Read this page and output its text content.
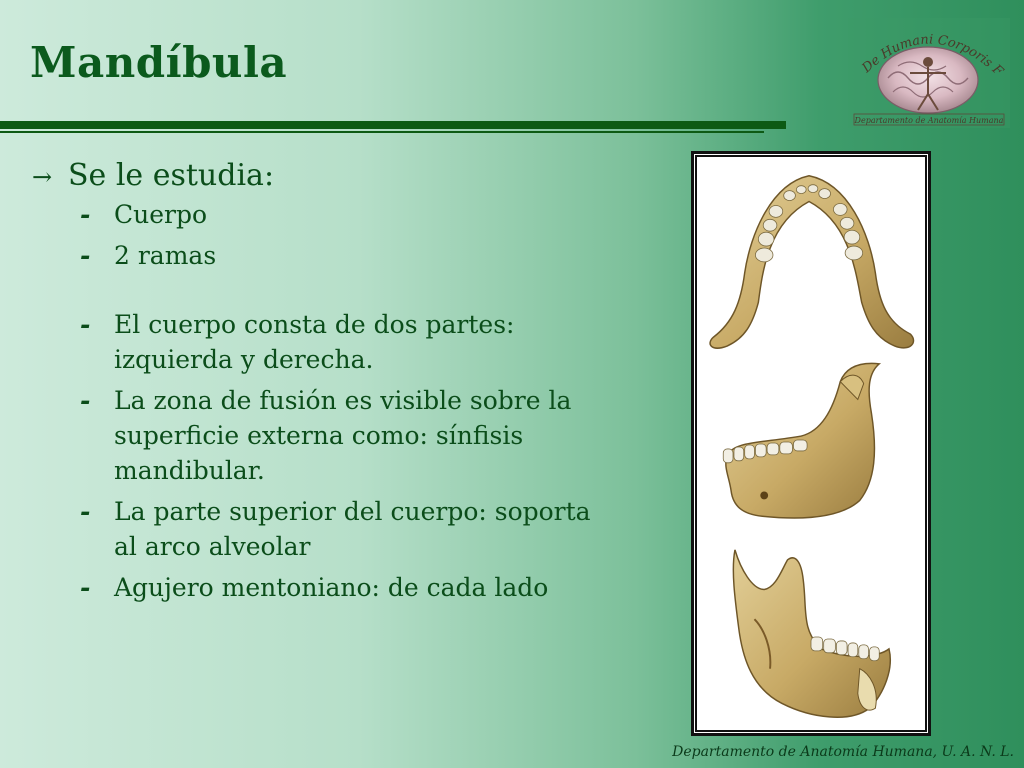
Mandíbula	De Humani Corporis F
Departamento de Anatomía Humana
→ Se le estudia:
- Cuerpo
- 2 ramas
- El cuerpo consta de dos partes: izquierda y derecha.
- La zona de fusión es visible sobre la superficie externa como: sínfisis mandibular.
- La parte superior del cuerpo: soporta al arco alveolar
- Agujero mentoniano: de cada lado
Departamento de Anatomía Humana, U. A. N. L.
